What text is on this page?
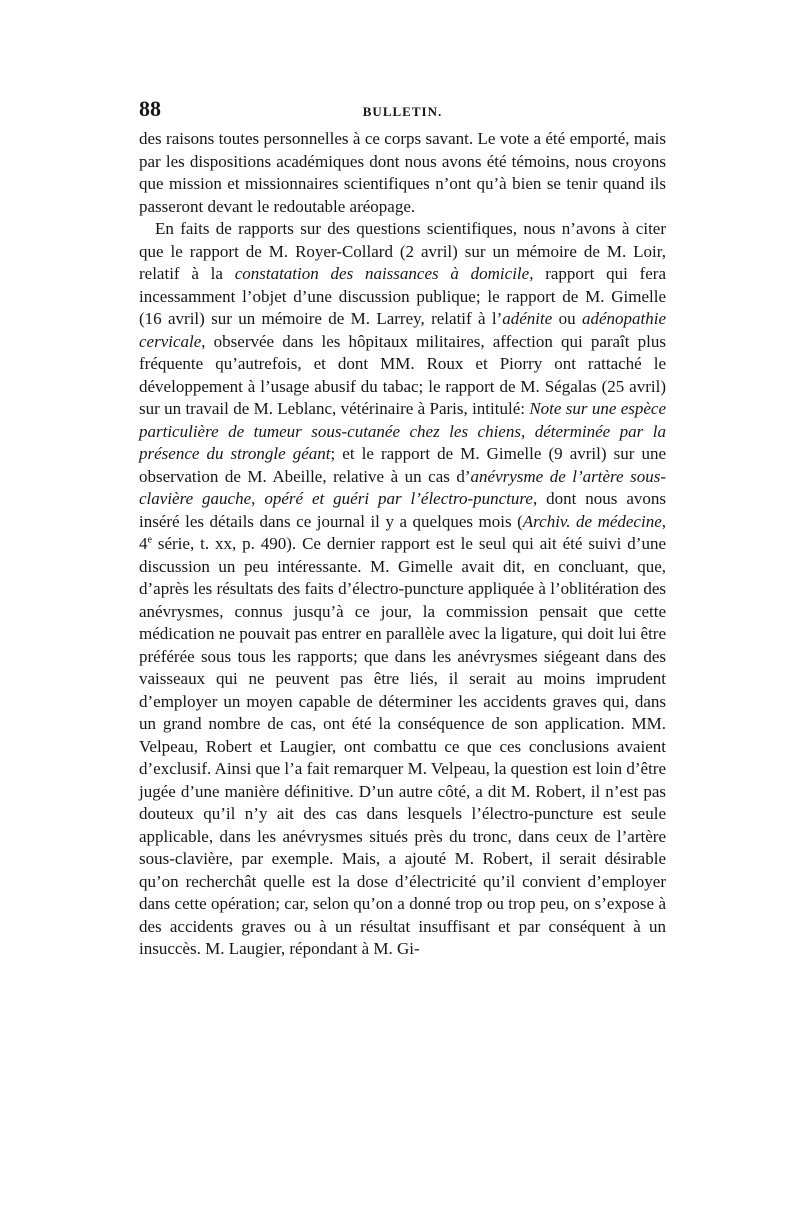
88	BULLETIN.

des raisons toutes personnelles à ce corps savant. Le vote a été emporté, mais par les dispositions académiques dont nous avons été témoins, nous croyons que mission et missionnaires scientifiques n’ont qu’à bien se tenir quand ils passeront devant le redoutable aréopage.

En faits de rapports sur des questions scientifiques, nous n’avons à citer que le rapport de M. Royer-Collard (2 avril) sur un mémoire de M. Loir, relatif à la constatation des naissances à domicile, rapport qui fera incessamment l’objet d’une discussion publique; le rapport de M. Gimelle (16 avril) sur un mémoire de M. Larrey, relatif à l’adénite ou adénopathie cervicale, observée dans les hôpitaux militaires, affection qui paraît plus fréquente qu’autrefois, et dont MM. Roux et Piorry ont rattaché le développement à l’usage abusif du tabac; le rapport de M. Ségalas (25 avril) sur un travail de M. Leblanc, vétérinaire à Paris, intitulé: Note sur une espèce particulière de tumeur sous-cutanée chez les chiens, déterminée par la présence du strongle géant; et le rapport de M. Gimelle (9 avril) sur une observation de M. Abeille, relative à un cas d’anévrysme de l’artère sous-clavière gauche, opéré et guéri par l’électro-puncture, dont nous avons inséré les détails dans ce journal il y a quelques mois (Archiv. de médecine, 4e série, t. xx, p. 490). Ce dernier rapport est le seul qui ait été suivi d’une discussion un peu intéressante. M. Gimelle avait dit, en concluant, que, d’après les résultats des faits d’électro-puncture appliquée à l’oblitération des anévrysmes, connus jusqu’à ce jour, la commission pensait que cette médication ne pouvait pas entrer en parallèle avec la ligature, qui doit lui être préférée sous tous les rapports; que dans les anévrysmes siégeant dans des vaisseaux qui ne peuvent pas être liés, il serait au moins imprudent d’employer un moyen capable de déterminer les accidents graves qui, dans un grand nombre de cas, ont été la conséquence de son application. MM. Velpeau, Robert et Laugier, ont combattu ce que ces conclusions avaient d’exclusif. Ainsi que l’a fait remarquer M. Velpeau, la question est loin d’être jugée d’une manière définitive. D’un autre côté, a dit M. Robert, il n’est pas douteux qu’il n’y ait des cas dans lesquels l’électro-puncture est seule applicable, dans les anévrysmes situés près du tronc, dans ceux de l’artère sous-clavière, par exemple. Mais, a ajouté M. Robert, il serait désirable qu’on recherchât quelle est la dose d’électricité qu’il convient d’employer dans cette opération; car, selon qu’on a donné trop ou trop peu, on s’expose à des accidents graves ou à un résultat insuffisant et par conséquent à un insuccès. M. Laugier, répondant à M. Gi-
